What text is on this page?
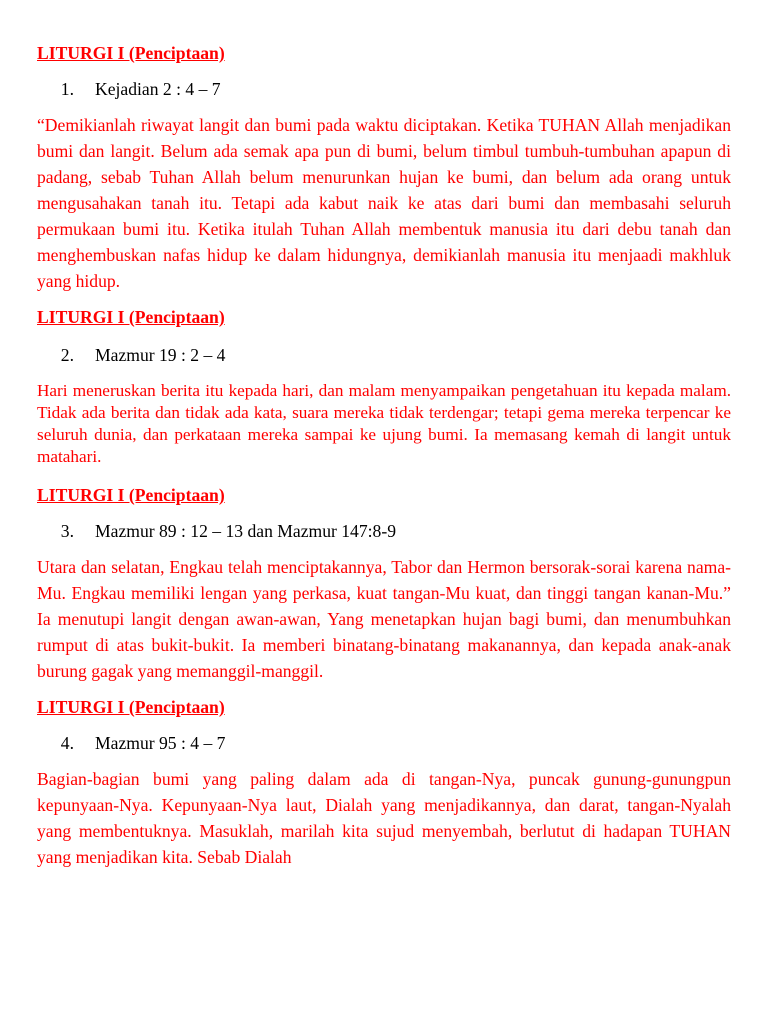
LITURGI I (Penciptaan)
1. Kejadian 2 : 4 – 7
“Demikianlah riwayat langit dan bumi pada waktu diciptakan. Ketika TUHAN Allah menjadikan bumi dan langit. Belum ada semak apa pun di bumi, belum timbul tumbuh-tumbuhan apapun di padang, sebab Tuhan Allah belum menurunkan hujan ke bumi, dan belum ada orang untuk mengusahakan tanah itu. Tetapi ada kabut naik ke atas dari bumi dan membasahi seluruh permukaan bumi itu. Ketika itulah Tuhan Allah membentuk manusia itu dari debu tanah dan menghembuskan nafas hidup ke dalam hidungnya, demikianlah manusia itu menjaadi makhluk yang hidup.
LITURGI I (Penciptaan)
2. Mazmur 19 : 2 – 4
Hari meneruskan berita itu kepada hari, dan malam menyampaikan pengetahuan itu kepada malam. Tidak ada berita dan tidak ada kata, suara mereka tidak terdengar; tetapi gema mereka terpencar ke seluruh dunia, dan perkataan mereka sampai ke ujung bumi. Ia memasang kemah di langit untuk matahari.
LITURGI I (Penciptaan)
3. Mazmur 89 : 12 – 13 dan Mazmur 147:8-9
Utara dan selatan, Engkau telah menciptakannya, Tabor dan Hermon bersorak-sorai karena nama-Mu. Engkau memiliki lengan yang perkasa, kuat tangan-Mu kuat, dan tinggi tangan kanan-Mu.” Ia menutupi langit dengan awan-awan, Yang menetapkan hujan bagi bumi, dan menumbuhkan rumput di atas bukit-bukit. Ia memberi binatang-binatang makanannya, dan kepada anak-anak burung gagak yang memanggil-manggil.
LITURGI I (Penciptaan)
4. Mazmur 95 : 4 – 7
Bagian-bagian bumi yang paling dalam ada di tangan-Nya, puncak gunung-gunungpun kepunyaan-Nya. Kepunyaan-Nya laut, Dialah yang menjadikannya, dan darat, tangan-Nyalah yang membentuknya. Masuklah, marilah kita sujud menyembah, berlutut di hadapan TUHAN yang menjadikan kita. Sebab Dialah
